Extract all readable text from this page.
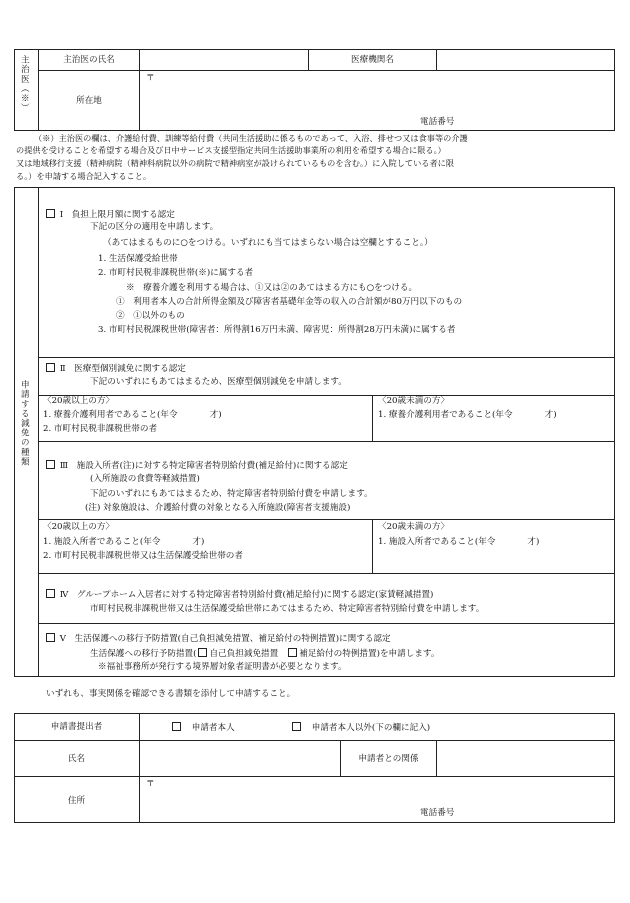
主治医（※）	主治医の氏名	医療機関名
所在地
〒
電話番号
（※）主治医の欄は、介護給付費、訓練等給付費（共同生活援助に係るものであって、入浴、排せつ又は食事等の介護
の提供を受けることを希望する場合及び日中サービス支援型指定共同生活援助事業所の利用を希望する場合に限る。）
又は地域移行支援（精神病院（精神科病院以外の病院で精神病室が設けられているものを含む。）に入院している者に限
る。）を申請する場合記入すること。
申請する減免の種類
Ⅰ　負担上限月額に関する認定
下記の区分の適用を申請します。
（あてはまるものに○をつける。いずれにも当てはまらない場合は空欄とすること。）
1. 生活保護受給世帯
2. 市町村民税非課税世帯(※)に属する者
※　療養介護を利用する場合は、①又は②のあてはまる方にも○をつける。
①　利用者本人の合計所得金額及び障害者基礎年金等の収入の合計額が80万円以下のもの
②　①以外のもの
3. 市町村民税課税世帯(障害者：所得割16万円未満、障害児：所得割28万円未満)に属する者
Ⅱ　医療型個別減免に関する認定
下記のいずれにもあてはまるため、医療型個別減免を申請します。
〈20歳以上の方〉
1. 療養介護利用者であること(年令	才)
2. 市町村民税非課税世帯の者
〈20歳未満の方〉
1. 療養介護利用者であること(年令	才)
Ⅲ　施設入所者(注)に対する特定障害者特別給付費(補足給付)に関する認定
(入所施設の食費等軽減措置)
下記のいずれにもあてはまるため、特定障害者特別給付費を申請します。
(注) 対象施設は、介護給付費の対象となる入所施設(障害者支援施設)
〈20歳以上の方〉
1. 施設入所者であること(年令	才)
2. 市町村民税非課税世帯又は生活保護受給世帯の者
〈20歳未満の方〉
1. 施設入所者であること(年令	才)
Ⅳ　グループホーム入居者に対する特定障害者特別給付費(補足給付)に関する認定(家賃軽減措置)
市町村民税非課税世帯又は生活保護受給世帯にあてはまるため、特定障害者特別給付費を申請します。
Ⅴ　生活保護への移行予防措置(自己負担減免措置、補足給付の特例措置)に関する認定
生活保護への移行予防措置( 自己負担減免措置 補足給付の特例措置)を申請します。
※福祉事務所が発行する境界層対象者証明書が必要となります。
いずれも、事実関係を確認できる書類を添付して申請すること。
申請書提出者	申請者本人	申請者本人以外(下の欄に記入)
氏名	申請者との関係
住所
〒
電話番号
